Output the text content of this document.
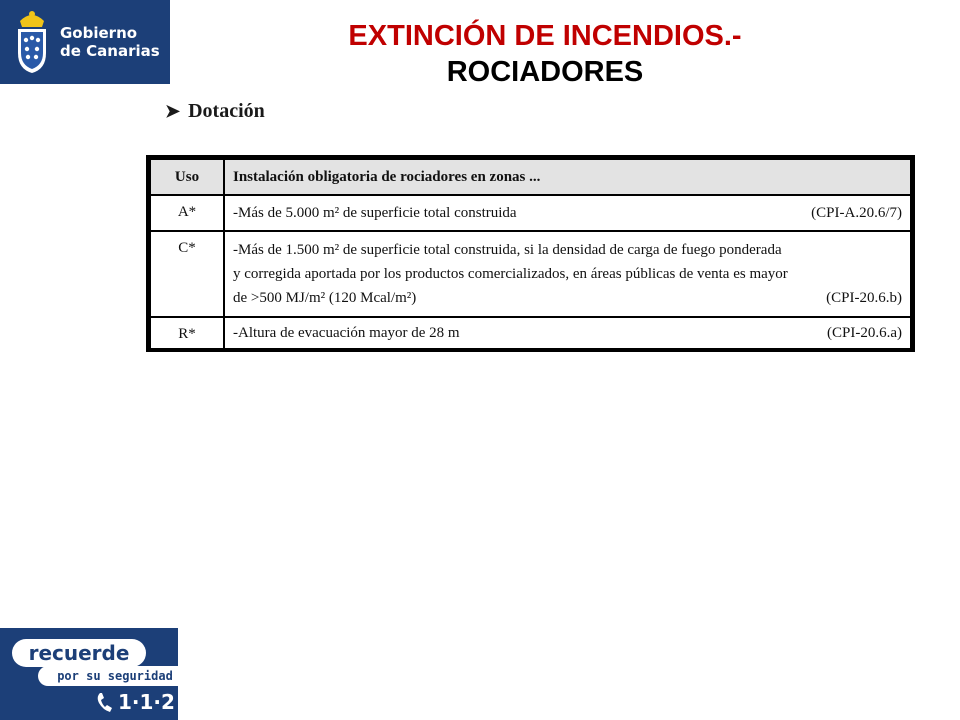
Gobierno
de Canarias	EXTINCIÓN DE INCENDIOS.-
ROCIADORES
➤ Dotación
Uso	Instalación obligatoria de rociadores en zonas ...
A*	-Más de 5.000 m² de superficie total construida (CPI-A.20.6/7)

C*	-Más de 1.500 m² de superficie total construida, si la densidad de carga de fuego ponderada
y corregida aportada por los productos comercializados, en áreas públicas de venta es mayor
de >500 MJ/m² (120 Mcal/m²) (CPI-20.6.b)

R*	-Altura de evacuación mayor de 28 m (CPI-20.6.a)
recuerde
por su seguridad
1·1·2
